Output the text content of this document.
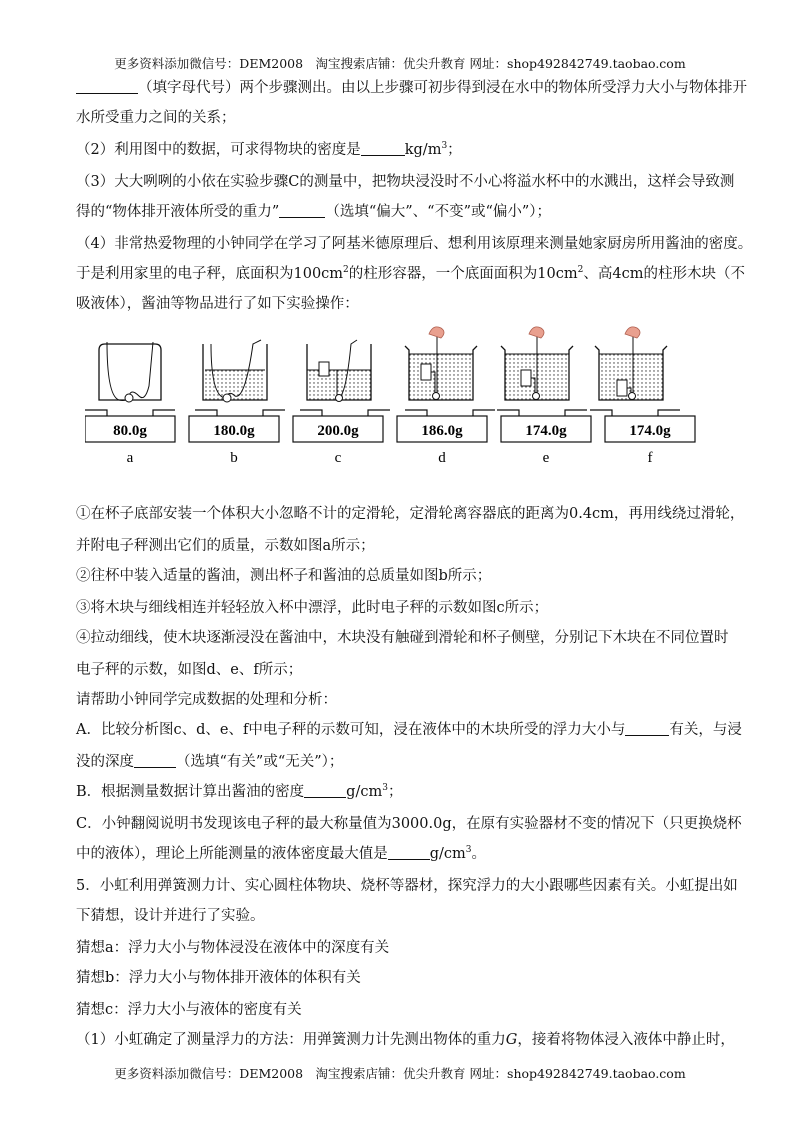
更多资料添加微信号：DEM2008　淘宝搜索店铺：优尖升教育 网址：shop492842749.taobao.com
（填字母代号）两个步骤测出。由以上步骤可初步得到浸在水中的物体所受浮力大小与物体排开
水所受重力之间的关系；
（2）利用图中的数据，可求得物块的密度是	$kg/m^3$；
（3）大大咧咧的小依在实验步骤C的测量中，把物块浸没时不小心将溢水杯中的水溅出，这样会导致测
得的“物体排开液体所受的重力”	（选填“偏大”、“不变”或“偏小”）；
（4）非常热爱物理的小钟同学在学习了阿基米德原理后、想利用该原理来测量她家厨房所用酱油的密度。
于是利用家里的电子秤，底面积为$100cm^2$的柱形容器，一个底面面积为$10cm^2$、高4cm的柱形木块（不
吸液体），酱油等物品进行了如下实验操作：
80.0g	180.0g	200.0g	186.0g	174.0g	174.0g
a	b	c	d	e	f
①在杯子底部安装一个体积大小忽略不计的定滑轮，定滑轮离容器底的距离为0.4cm，再用线绕过滑轮，
并附电子秤测出它们的质量，示数如图a所示；
②往杯中装入适量的酱油，测出杯子和酱油的总质量如图b所示；
③将木块与细线相连并轻轻放入杯中漂浮，此时电子秤的示数如图c所示；
④拉动细线，使木块逐渐浸没在酱油中，木块没有触碰到滑轮和杯子侧壁，分别记下木块在不同位置时
电子秤的示数，如图d、e、f所示；
请帮助小钟同学完成数据的处理和分析：
A．比较分析图c、d、e、f中电子秤的示数可知，浸在液体中的木块所受的浮力大小与	有关，与浸
没的深度	（选填“有关”或“无关”）；
B．根据测量数据计算出酱油的密度	$g/cm^3$；
C．小钟翻阅说明书发现该电子秤的最大称量值为3000.0g，在原有实验器材不变的情况下（只更换烧杯
中的液体），理论上所能测量的液体密度最大值是	$g/cm^3$。
5．小虹利用弹簧测力计、实心圆柱体物块、烧杯等器材，探究浮力的大小跟哪些因素有关。小虹提出如
下猜想，设计并进行了实验。
猜想a：浮力大小与物体浸没在液体中的深度有关
猜想b：浮力大小与物体排开液体的体积有关
猜想c：浮力大小与液体的密度有关
（1）小虹确定了测量浮力的方法：用弹簧测力计先测出物体的重力G，接着将物体浸入液体中静止时，
更多资料添加微信号：DEM2008　淘宝搜索店铺：优尖升教育 网址：shop492842749.taobao.com
